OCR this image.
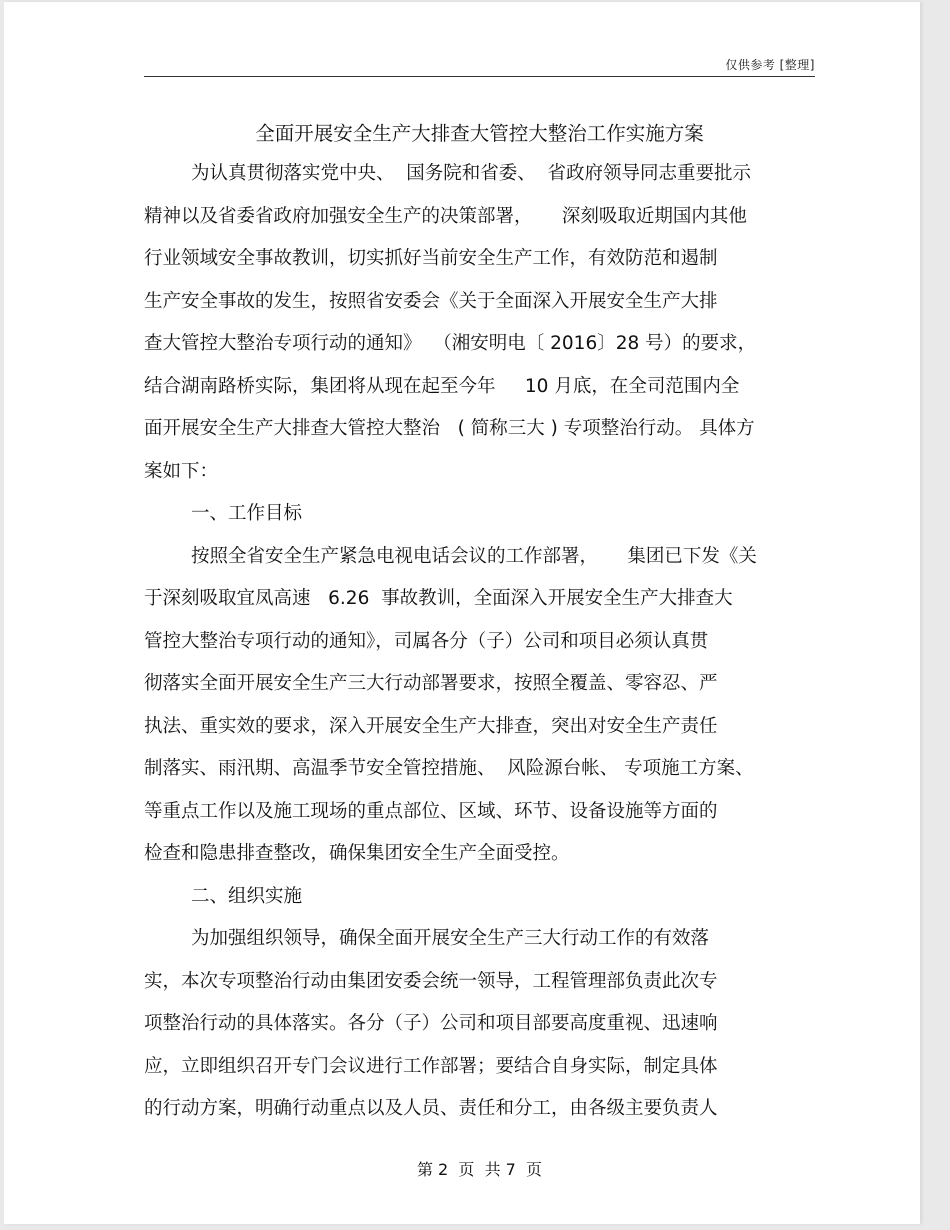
仅供参考 [整理]
全面开展安全生产大排查大管控大整治工作实施方案
为认真贯彻落实党中央、  国务院和省委、  省政府领导同志重要批示
精神以及省委省政府加强安全生产的决策部署，     深刻吸取近期国内其他
行业领域安全事故教训，切实抓好当前安全生产工作，有效防范和遏制
生产安全事故的发生，按照省安委会《关于全面深入开展安全生产大排
查大管控大整治专项行动的通知》  （湘安明电〔 2016〕28 号）的要求，
结合湖南路桥实际，集团将从现在起至今年     10 月底，在全司范围内全
面开展安全生产大排查大管控大整治   ( 简称三大 ) 专项整治行动。 具体方
案如下：
一、工作目标
按照全省安全生产紧急电视电话会议的工作部署，     集团已下发《关
于深刻吸取宜凤高速   6.26  事故教训，全面深入开展安全生产大排查大
管控大整治专项行动的通知》，司属各分（子）公司和项目必须认真贯
彻落实全面开展安全生产三大行动部署要求，按照全覆盖、零容忍、严
执法、重实效的要求，深入开展安全生产大排查，突出对安全生产责任
制落实、雨汛期、高温季节安全管控措施、  风险源台帐、 专项施工方案、
等重点工作以及施工现场的重点部位、区域、环节、设备设施等方面的
检查和隐患排查整改，确保集团安全生产全面受控。
二、组织实施
为加强组织领导，确保全面开展安全生产三大行动工作的有效落
实，本次专项整治行动由集团安委会统一领导，工程管理部负责此次专
项整治行动的具体落实。各分（子）公司和项目部要高度重视、迅速响
应，立即组织召开专门会议进行工作部署；要结合自身实际，制定具体
的行动方案，明确行动重点以及人员、责任和分工，由各级主要负责人
第 2  页  共 7  页
